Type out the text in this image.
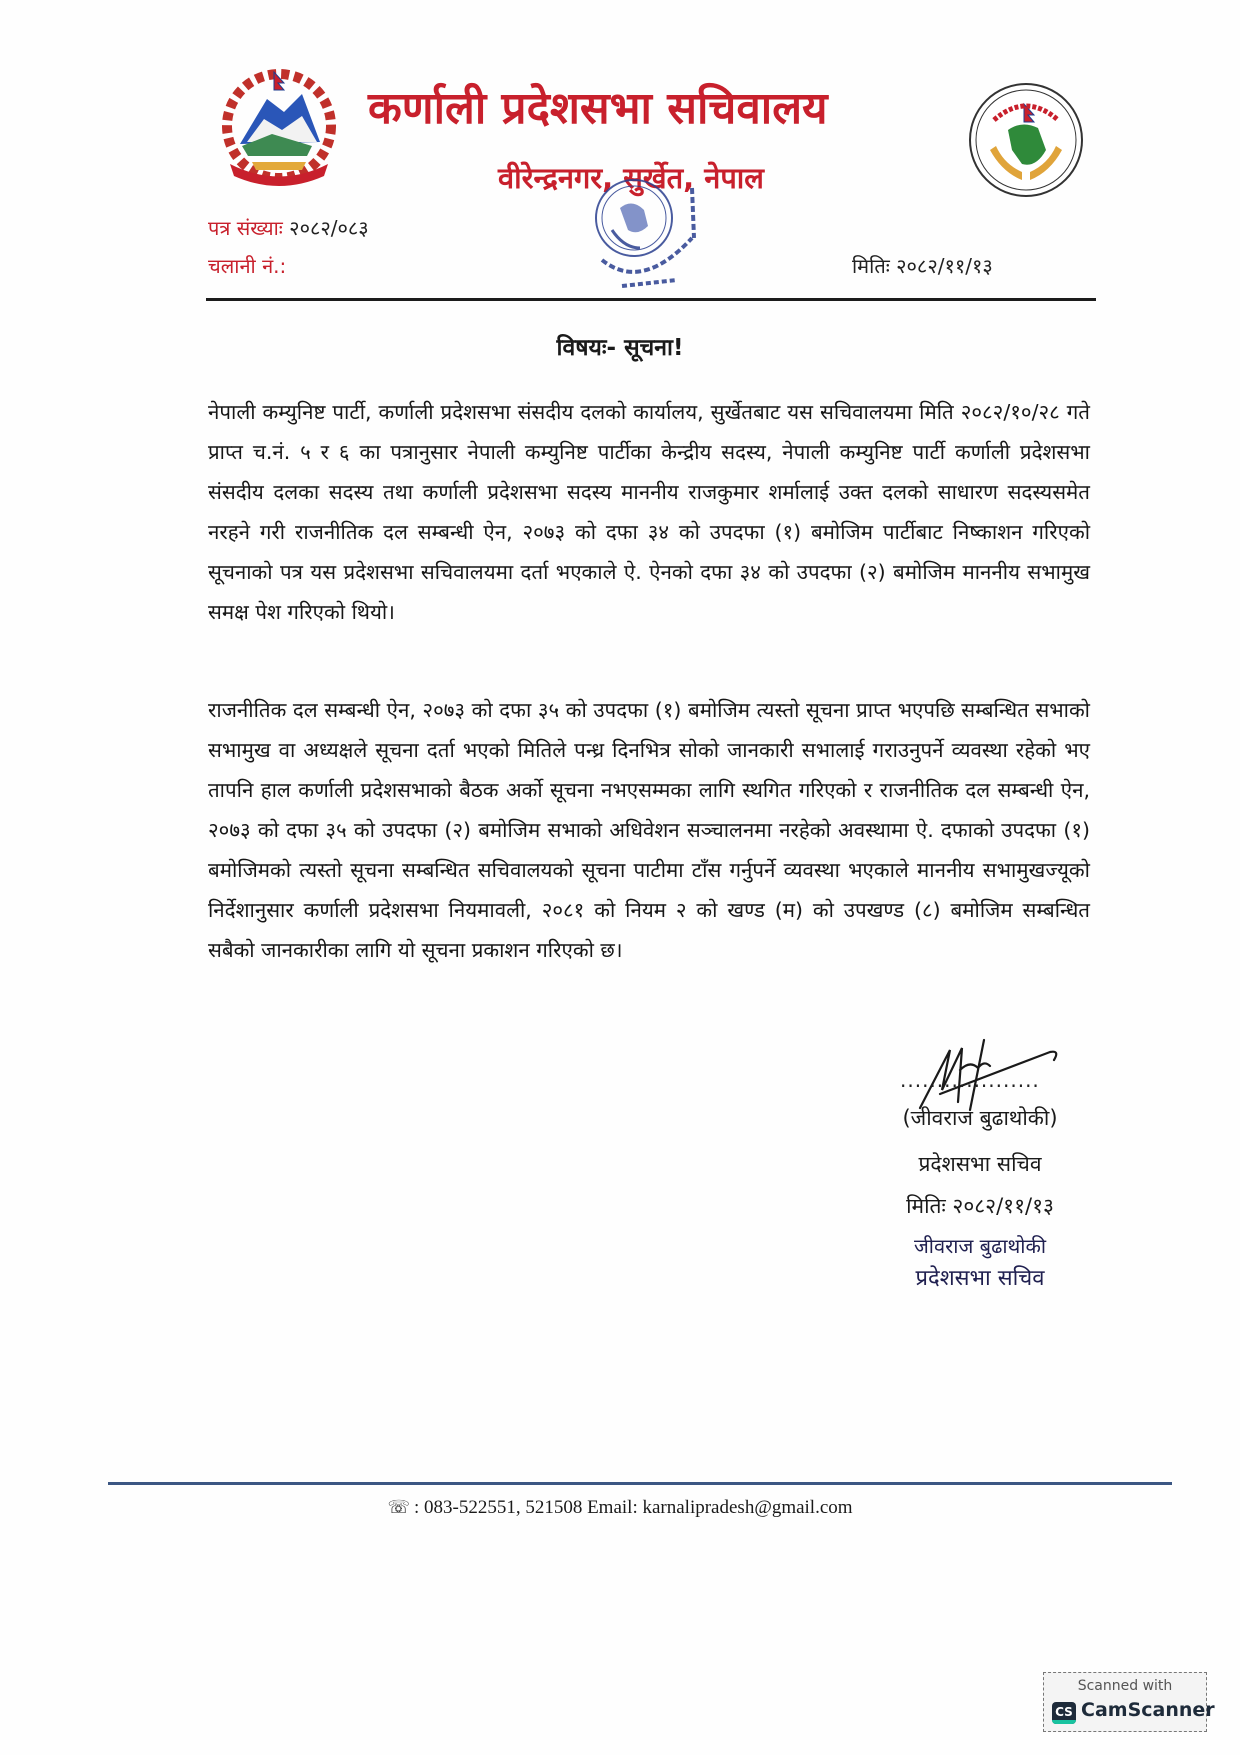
कर्णाली प्रदेशसभा सचिवालय
वीरेन्द्रनगर, सुर्खेत, नेपाल
पत्र संख्याः २०८२/०८३
चलानी नं.:	मितिः २०८२/११/१३
विषयः- सूचना!
नेपाली कम्युनिष्ट पार्टी, कर्णाली प्रदेशसभा संसदीय दलको कार्यालय, सुर्खेतबाट यस सचिवालयमा मिति २०८२/१०/२८ गते प्राप्त च.नं. ५ र ६ का पत्रानुसार नेपाली कम्युनिष्ट पार्टीका केन्द्रीय सदस्य, नेपाली कम्युनिष्ट पार्टी कर्णाली प्रदेशसभा संसदीय दलका सदस्य तथा कर्णाली प्रदेशसभा सदस्य माननीय राजकुमार शर्मालाई उक्त दलको साधारण सदस्यसमेत नरहने गरी राजनीतिक दल सम्बन्धी ऐन, २०७३ को दफा ३४ को उपदफा (१) बमोजिम पार्टीबाट निष्काशन गरिएको सूचनाको पत्र यस प्रदेशसभा सचिवालयमा दर्ता भएकाले ऐ. ऐनको दफा ३४ को उपदफा (२) बमोजिम माननीय सभामुख समक्ष पेश गरिएको थियो।
राजनीतिक दल सम्बन्धी ऐन, २०७३ को दफा ३५ को उपदफा (१) बमोजिम त्यस्तो सूचना प्राप्त भएपछि सम्बन्धित सभाको सभामुख वा अध्यक्षले सूचना दर्ता भएको मितिले पन्ध्र दिनभित्र सोको जानकारी सभालाई गराउनुपर्ने व्यवस्था रहेको भए तापनि हाल कर्णाली प्रदेशसभाको बैठक अर्को सूचना नभएसम्मका लागि स्थगित गरिएको र राजनीतिक दल सम्बन्धी ऐन, २०७३ को दफा ३५ को उपदफा (२) बमोजिम सभाको अधिवेशन सञ्चालनमा नरहेको अवस्थामा ऐ. दफाको उपदफा (१) बमोजिमको त्यस्तो सूचना सम्बन्धित सचिवालयको सूचना पाटीमा टाँस गर्नुपर्ने व्यवस्था भएकाले माननीय सभामुखज्यूको निर्देशानुसार कर्णाली प्रदेशसभा नियमावली, २०८१ को नियम २ को खण्ड (म) को उपखण्ड (८) बमोजिम सम्बन्धित सबैको जानकारीका लागि यो सूचना प्रकाशन गरिएको छ।
...................
(जीवराज बुढाथोकी)
प्रदेशसभा सचिव
मितिः २०८२/११/१३
जीवराज बुढाथोकी
प्रदेशसभा सचिव
☏ : 083-522551, 521508 Email: karnalipradesh@gmail.com
Scanned with
CS CamScanner
